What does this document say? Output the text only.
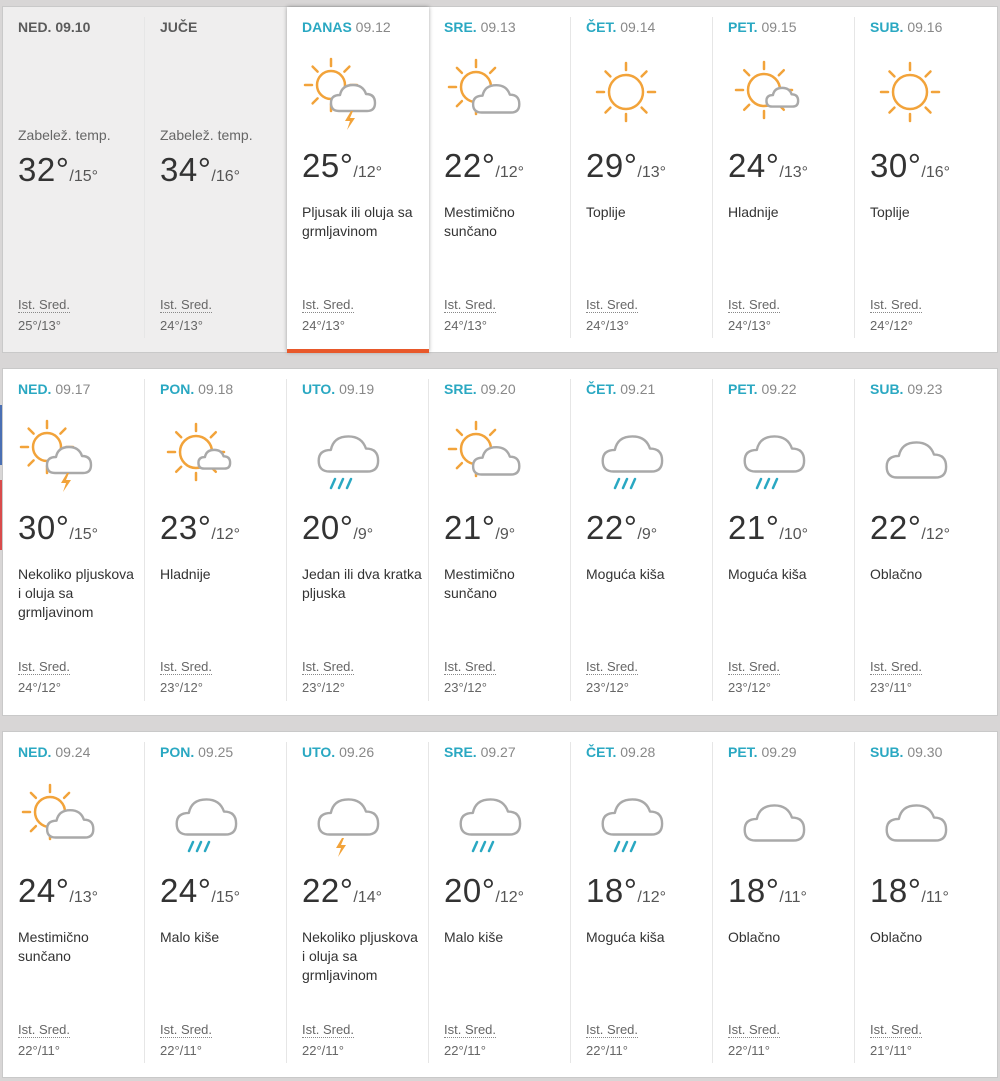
NED. 09.10
Zabelež. temp.
32°/15°
Ist. Sred.
25°/13°
JUČE
Zabelež. temp.
34°/16°
Ist. Sred.
24°/13°
DANAS 09.12
25°/12°
Pljusak ili oluja sa grmljavinom
Ist. Sred.
24°/13°
SRE. 09.13
22°/12°
Mestimično sunčano
Ist. Sred.
24°/13°
ČET. 09.14
29°/13°
Toplije
Ist. Sred.
24°/13°
PET. 09.15
24°/13°
Hladnije
Ist. Sred.
24°/13°
SUB. 09.16
30°/16°
Toplije
Ist. Sred.
24°/12°
NED. 09.17
30°/15°
Nekoliko pljuskova i oluja sa grmljavinom
Ist. Sred.
24°/12°
PON. 09.18
23°/12°
Hladnije
Ist. Sred.
23°/12°
UTO. 09.19
20°/9°
Jedan ili dva kratka pljuska
Ist. Sred.
23°/12°
SRE. 09.20
21°/9°
Mestimično sunčano
Ist. Sred.
23°/12°
ČET. 09.21
22°/9°
Moguća kiša
Ist. Sred.
23°/12°
PET. 09.22
21°/10°
Moguća kiša
Ist. Sred.
23°/12°
SUB. 09.23
22°/12°
Oblačno
Ist. Sred.
23°/11°
NED. 09.24
24°/13°
Mestimično sunčano
Ist. Sred.
22°/11°
PON. 09.25
24°/15°
Malo kiše
Ist. Sred.
22°/11°
UTO. 09.26
22°/14°
Nekoliko pljuskova i oluja sa grmljavinom
Ist. Sred.
22°/11°
SRE. 09.27
20°/12°
Malo kiše
Ist. Sred.
22°/11°
ČET. 09.28
18°/12°
Moguća kiša
Ist. Sred.
22°/11°
PET. 09.29
18°/11°
Oblačno
Ist. Sred.
22°/11°
SUB. 09.30
18°/11°
Oblačno
Ist. Sred.
21°/11°
